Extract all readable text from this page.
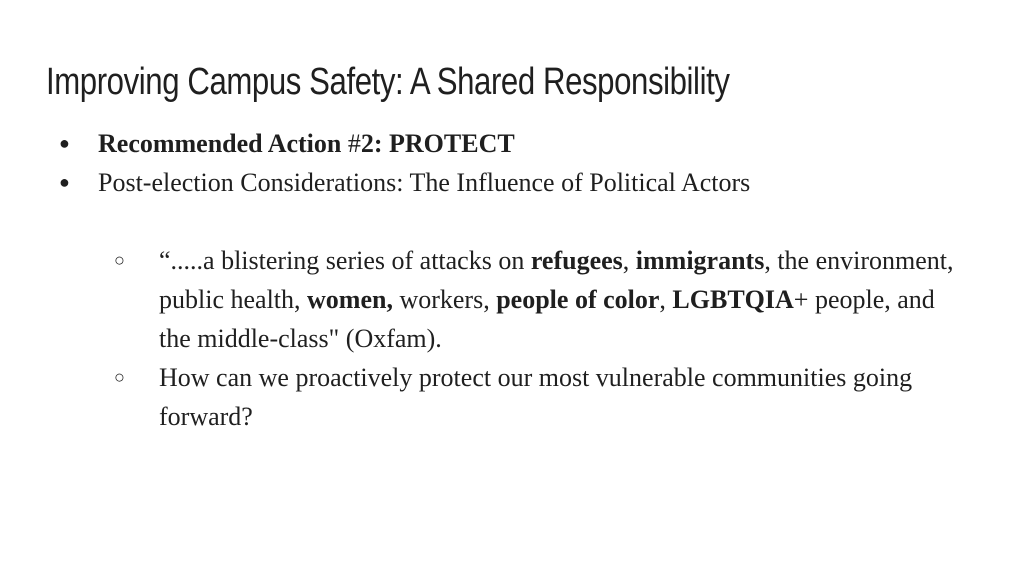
Improving Campus Safety: A Shared Responsibility

● Recommended Action #2: PROTECT

● Post-election Considerations: The Influence of Political Actors

○ “.....a blistering series of attacks on refugees, immigrants, the environment, public health, women, workers, people of color, LGBTQIA+ people, and the middle-class" (Oxfam).

○ How can we proactively protect our most vulnerable communities going forward?
